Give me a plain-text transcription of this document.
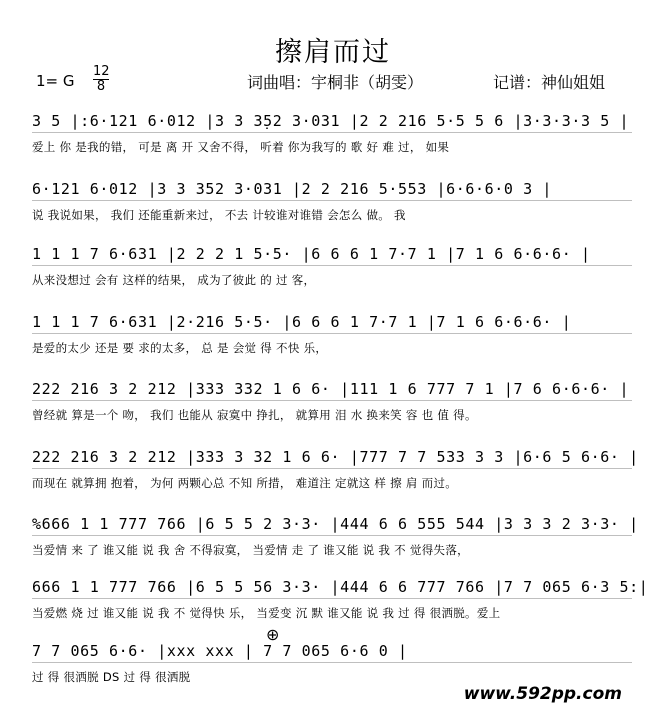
擦肩而过
1= G
12
8	词曲唱：宇桐非（胡雯）	记谱：神仙姐姐
3 5 |:6·121 6·012 |3 3 3̣52 3·031 |2 2 216 5·5 5 6 |3·3·3·3 5 |
爱上 你 是我的错， 可是 离 开 又舍不得， 听着 你为我写的 歌 好 难 过， 如果
6·121 6·012 |3 3 352 3·031 |2 2 216 5·553 |6·6·6·0 3 |
说 我说如果， 我们 还能重新来过， 不去 计较谁对谁错 会怎么 做。 我
1 1 1 7 6·631 |2 2 2 1 5·5· |6 6 6 1 7·7 1 |7 1 6 6·6·6· |
从来没想过 会有 这样的结果， 成为了彼此 的 过 客，
1 1 1 7 6·631 |2·216 5·5· |6 6 6 1 7·7 1 |7 1 6 6·6·6· |
是爱的太少 还是 要 求的太多， 总 是 会觉 得 不快 乐，
222 216 3 2 212 |333 332 1 6 6· |111 1 6 777 7 1 |7 6 6·6·6· |
曾经就 算是一个 吻， 我们 也能从 寂寞中 挣扎， 就算用 泪 水 换来笑 容 也 值 得。
222 216 3 2 212 |333 3 32 1 6 6· |777 7 7 533 3 3 |6·6 5 6·6· |
而现在 就算拥 抱着， 为何 两颗心总 不知 所措， 难道注 定就这 样 擦 肩 而过。
%666 1 1 777 766 |6 5 5 2 3·3· |444 6 6 555 544 |3 3 3 2 3·3· |
当爱情 来 了 谁又能 说 我 舍 不得寂寞， 当爱情 走 了 谁又能 说 我 不 觉得失落，
666 1 1 777 766 |6 5 5 56 3·3· |444 6 6 777 766 |7 7 065 6·3 5:|
当爱燃 烧 过 谁又能 说 我 不 觉得快 乐， 当爱变 沉 默 谁又能 说 我 过 得 很洒脱。爱上
7 7 065 6·6· |xxx xxx | 7 7 065 6·6 0 |
过 得 很洒脱 DS 过 得 很洒脱
⊕
www.592pp.com
